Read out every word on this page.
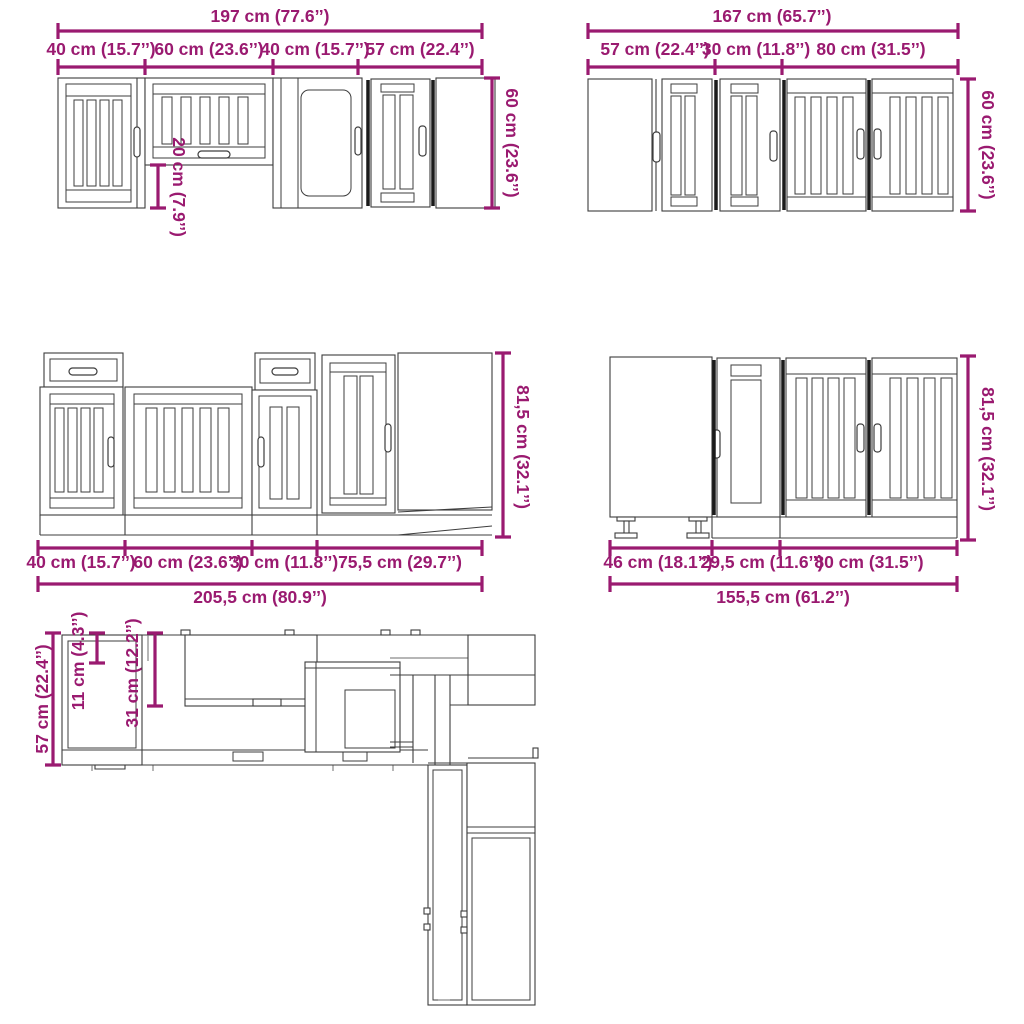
197 cm (77.6’’)
40 cm (15.7’’)
60 cm (23.6’’)
40 cm (15.7’’)
57 cm (22.4’’)
60 cm (23.6’’)
20 cm (7.9’’)
167 cm (65.7’’)
57 cm (22.4’’)
30 cm (11.8’’) 80 cm (31.5’’)
60 cm (23.6’’)
81,5 cm (32.1’’)
40 cm (15.7’’)
60 cm (23.6’’)
30 cm (11.8’’) 75,5 cm (29.7’’)
205,5 cm (80.9’’)
81,5 cm (32.1’’)
46 cm (18.1’’)
29,5 cm (11.6’’)
80 cm (31.5’’)
155,5 cm (61.2’’)
57 cm (22.4’’) 11 cm (4.3’’) 31 cm (12.2’’)
